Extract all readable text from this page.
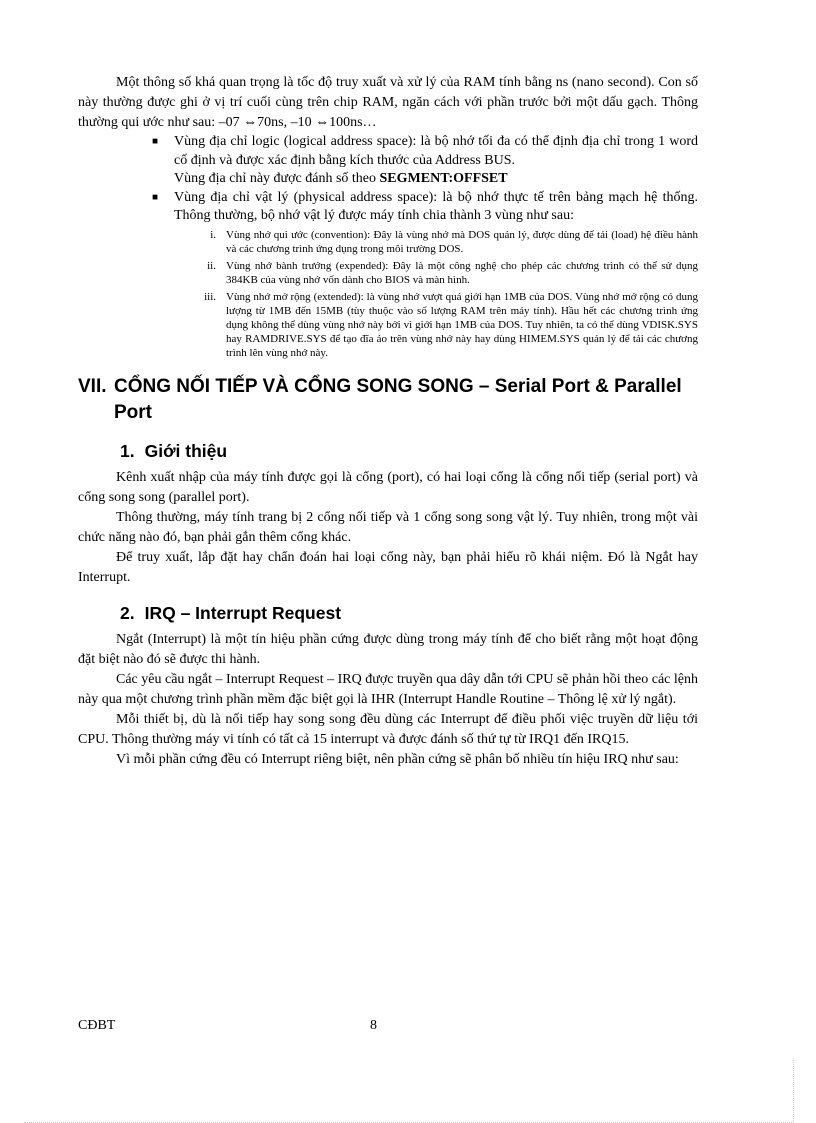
Một thông số khá quan trọng là tốc độ truy xuất và xử lý của RAM tính bằng ns (nano second). Con số này thường được ghi ở vị trí cuối cùng trên chip RAM, ngăn cách với phần trước bởi một dấu gạch. Thông thường qui ước như sau: –07 ⇔70ns, –10 ⇔100ns…

■ Vùng địa chỉ logic (logical address space): là bộ nhớ tối đa có thể định địa chỉ trong 1 word cố định và được xác định bằng kích thước của Address BUS.
Vùng địa chỉ này được đánh số theo SEGMENT:OFFSET
■ Vùng địa chỉ vật lý (physical address space): là bộ nhớ thực tế trên bảng mạch hệ thống. Thông thường, bộ nhớ vật lý được máy tính chia thành 3 vùng như sau:
i. Vùng nhớ qui ước (convention): Đây là vùng nhớ mà DOS quản lý, được dùng để tải (load) hệ điều hành và các chương trình ứng dụng trong môi trường DOS.
ii. Vùng nhớ bành trướng (expended): Đây là một công nghệ cho phép các chương trình có thể sử dụng 384KB của vùng nhớ vốn dành cho BIOS và màn hình.
iii. Vùng nhớ mở rộng (extended): là vùng nhớ vượt quá giới hạn 1MB của DOS. Vùng nhớ mở rộng có dung lượng từ 1MB đến 15MB (tùy thuộc vào số lượng RAM trên máy tính). Hầu hết các chương trình ứng dụng không thể dùng vùng nhớ này bởi vì giới hạn 1MB của DOS. Tuy nhiên, ta có thể dùng VDISK.SYS hay RAMDRIVE.SYS để tạo đĩa ảo trên vùng nhớ này hay dùng HIMEM.SYS quản lý để tải các chương trình lên vùng nhớ này.
VII. CỔNG NỐI TIẾP VÀ CỔNG SONG SONG – Serial Port & Parallel Port
1. Giới thiệu

Kênh xuất nhập của máy tính được gọi là cổng (port), có hai loại cổng là cổng nối tiếp (serial port) và cổng song song (parallel port).

Thông thường, máy tính trang bị 2 cổng nối tiếp và 1 cổng song song vật lý. Tuy nhiên, trong một vài chức năng nào đó, bạn phải gắn thêm cổng khác.

Để truy xuất, lắp đặt hay chẩn đoán hai loại cổng này, bạn phải hiểu rõ khái niệm. Đó là Ngắt hay Interrupt.

2. IRQ – Interrupt Request

Ngắt (Interrupt) là một tín hiệu phần cứng được dùng trong máy tính để cho biết rằng một hoạt động đặt biệt nào đó sẽ được thi hành.

Các yêu cầu ngắt – Interrupt Request – IRQ được truyền qua dây dẫn tới CPU sẽ phản hồi theo các lệnh này qua một chương trình phần mềm đặc biệt gọi là IHR (Interrupt Handle Routine – Thông lệ xử lý ngắt).

Mỗi thiết bị, dù là nối tiếp hay song song đều dùng các Interrupt để điều phối việc truyền dữ liệu tới CPU. Thông thường máy vi tính có tất cả 15 interrupt và được đánh số thứ tự từ IRQ1 đến IRQ15.

Vì mỗi phần cứng đều có Interrupt riêng biệt, nên phần cứng sẽ phân bố nhiều tín hiệu IRQ như sau:

CĐBT	8
